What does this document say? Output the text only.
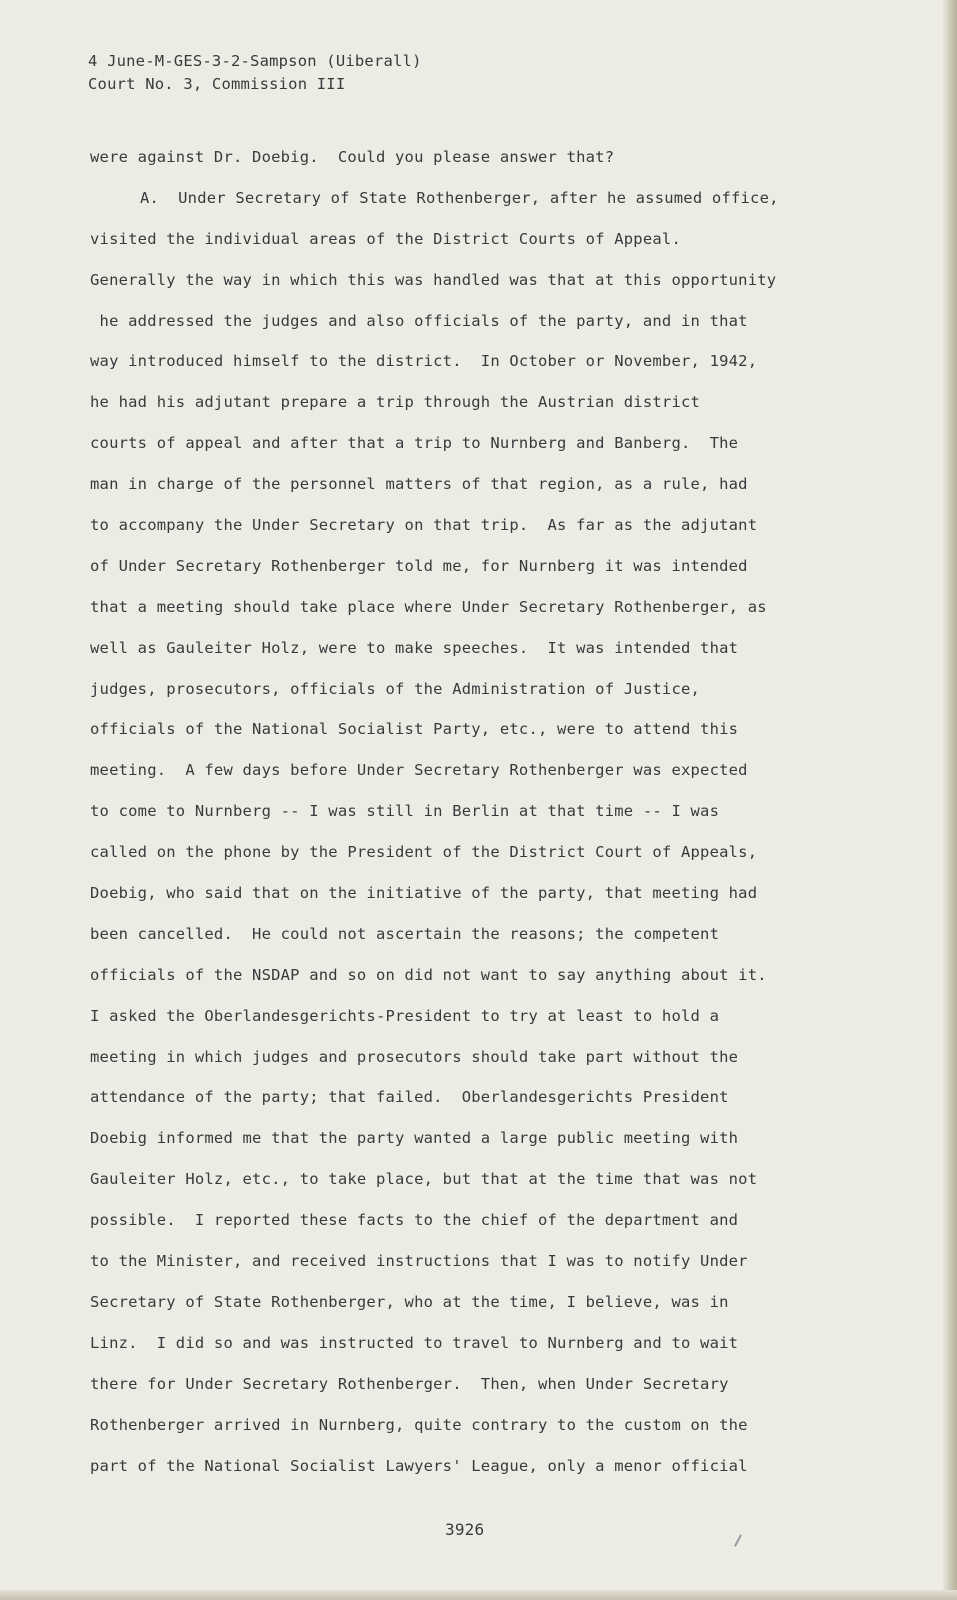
4 June-M-GES-3-2-Sampson (Uiberall)
Court No. 3, Commission III
were against Dr. Doebig.  Could you please answer that?
A.  Under Secretary of State Rothenberger, after he assumed office,
visited the individual areas of the District Courts of Appeal.
Generally the way in which this was handled was that at this opportunity
he addressed the judges and also officials of the party, and in that
way introduced himself to the district.  In October or November, 1942,
he had his adjutant prepare a trip through the Austrian district
courts of appeal and after that a trip to Nurnberg and Banberg.  The
man in charge of the personnel matters of that region, as a rule, had
to accompany the Under Secretary on that trip.  As far as the adjutant
of Under Secretary Rothenberger told me, for Nurnberg it was intended
that a meeting should take place where Under Secretary Rothenberger, as
well as Gauleiter Holz, were to make speeches.  It was intended that
judges, prosecutors, officials of the Administration of Justice,
officials of the National Socialist Party, etc., were to attend this
meeting.  A few days before Under Secretary Rothenberger was expected
to come to Nurnberg -- I was still in Berlin at that time -- I was
called on the phone by the President of the District Court of Appeals,
Doebig, who said that on the initiative of the party, that meeting had
been cancelled.  He could not ascertain the reasons; the competent
officials of the NSDAP and so on did not want to say anything about it.
I asked the Oberlandesgerichts-President to try at least to hold a
meeting in which judges and prosecutors should take part without the
attendance of the party; that failed.  Oberlandesgerichts President
Doebig informed me that the party wanted a large public meeting with
Gauleiter Holz, etc., to take place, but that at the time that was not
possible.  I reported these facts to the chief of the department and
to the Minister, and received instructions that I was to notify Under
Secretary of State Rothenberger, who at the time, I believe, was in
Linz.  I did so and was instructed to travel to Nurnberg and to wait
there for Under Secretary Rothenberger.  Then, when Under Secretary
Rothenberger arrived in Nurnberg, quite contrary to the custom on the
part of the National Socialist Lawyers' League, only a menor official
3926
